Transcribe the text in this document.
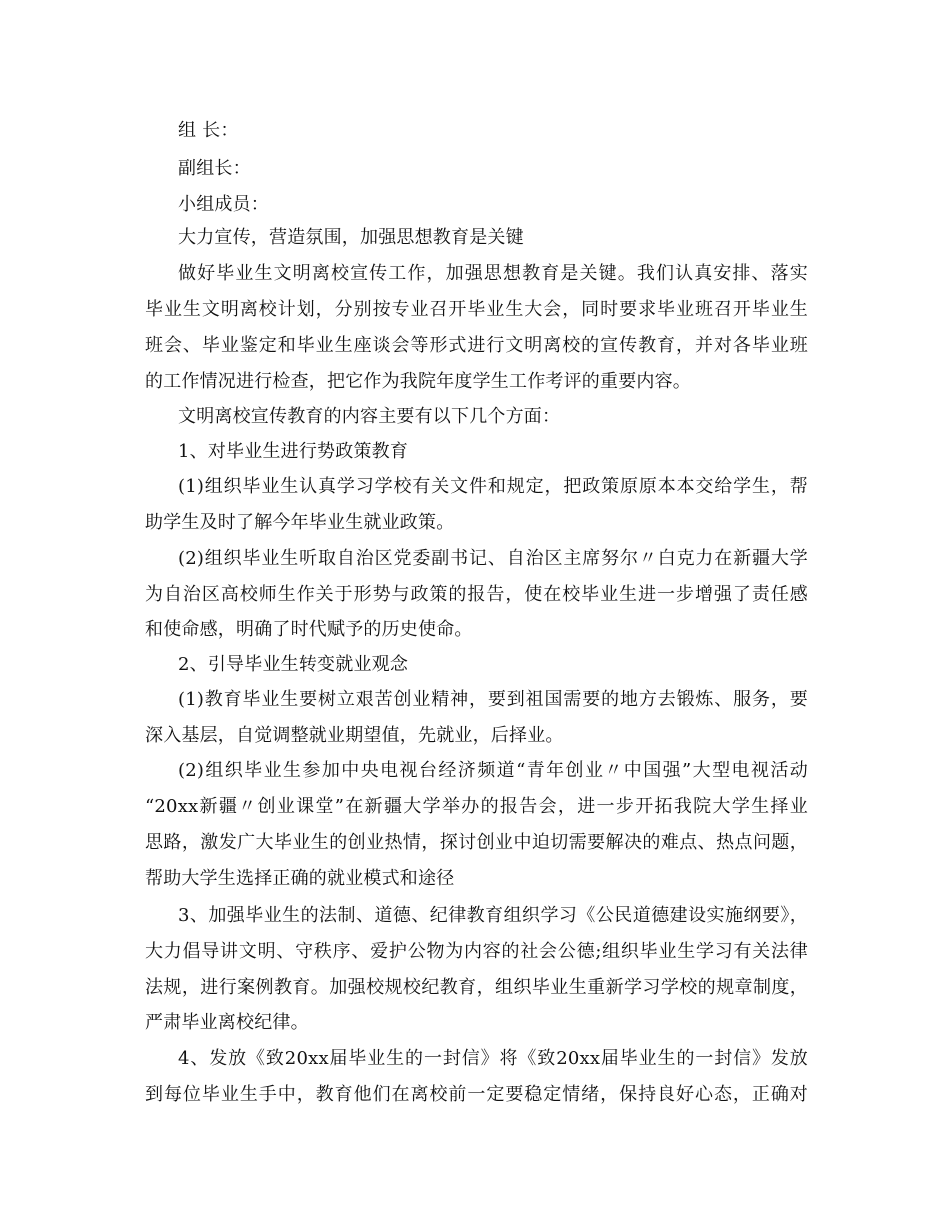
组 长：
副组长：
小组成员：
大力宣传，营造氛围，加强思想教育是关键
做好毕业生文明离校宣传工作，加强思想教育是关键。我们认真安排、落实
毕业生文明离校计划，分别按专业召开毕业生大会，同时要求毕业班召开毕业生
班会、毕业鉴定和毕业生座谈会等形式进行文明离校的宣传教育，并对各毕业班
的工作情况进行检查，把它作为我院年度学生工作考评的重要内容。
文明离校宣传教育的内容主要有以下几个方面：
1、对毕业生进行势政策教育
(1)组织毕业生认真学习学校有关文件和规定，把政策原原本本交给学生，帮
助学生及时了解今年毕业生就业政策。
(2)组织毕业生听取自治区党委副书记、自治区主席努尔〃白克力在新疆大学
为自治区高校师生作关于形势与政策的报告，使在校毕业生进一步增强了责任感
和使命感，明确了时代赋予的历史使命。
2、引导毕业生转变就业观念
(1)教育毕业生要树立艰苦创业精神，要到祖国需要的地方去锻炼、服务，要
深入基层，自觉调整就业期望值，先就业，后择业。
(2)组织毕业生参加中央电视台经济频道“青年创业〃中国强”大型电视活动
“20xx新疆〃创业课堂”在新疆大学举办的报告会，进一步开拓我院大学生择业
思路，激发广大毕业生的创业热情，探讨创业中迫切需要解决的难点、热点问题，
帮助大学生选择正确的就业模式和途径
3、加强毕业生的法制、道德、纪律教育组织学习《公民道德建设实施纲要》，
大力倡导讲文明、守秩序、爱护公物为内容的社会公德;组织毕业生学习有关法律
法规，进行案例教育。加强校规校纪教育，组织毕业生重新学习学校的规章制度，
严肃毕业离校纪律。
4、发放《致20xx届毕业生的一封信》将《致20xx届毕业生的一封信》发放
到每位毕业生手中，教育他们在离校前一定要稳定情绪，保持良好心态，正确对
